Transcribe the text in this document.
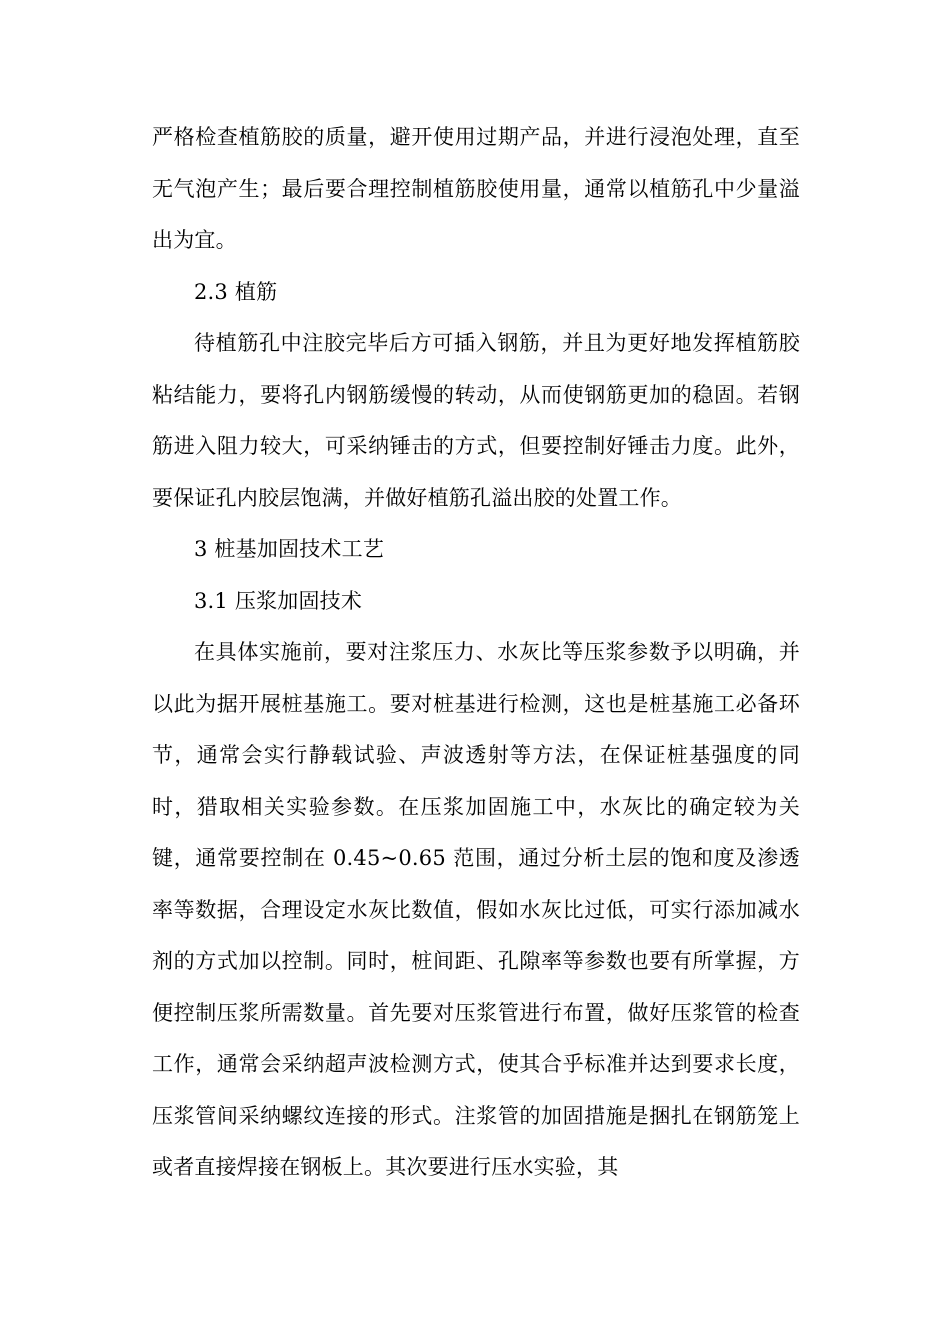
严格检查植筋胶的质量，避开使用过期产品，并进行浸泡处理，直至无气泡产生；最后要合理控制植筋胶使用量，通常以植筋孔中少量溢出为宜。

2.3 植筋

待植筋孔中注胶完毕后方可插入钢筋，并且为更好地发挥植筋胶粘结能力，要将孔内钢筋缓慢的转动，从而使钢筋更加的稳固。若钢筋进入阻力较大，可采纳锤击的方式，但要控制好锤击力度。此外，要保证孔内胶层饱满，并做好植筋孔溢出胶的处置工作。

3 桩基加固技术工艺

3.1 压浆加固技术

在具体实施前，要对注浆压力、水灰比等压浆参数予以明确，并以此为据开展桩基施工。要对桩基进行检测，这也是桩基施工必备环节，通常会实行静载试验、声波透射等方法，在保证桩基强度的同时，猎取相关实验参数。在压浆加固施工中，水灰比的确定较为关键，通常要控制在 0.45~0.65 范围，通过分析土层的饱和度及渗透率等数据，合理设定水灰比数值，假如水灰比过低，可实行添加减水剂的方式加以控制。同时，桩间距、孔隙率等参数也要有所掌握，方便控制压浆所需数量。首先要对压浆管进行布置，做好压浆管的检查工作，通常会采纳超声波检测方式，使其合乎标准并达到要求长度，压浆管间采纳螺纹连接的形式。注浆管的加固措施是捆扎在钢筋笼上或者直接焊接在钢板上。其次要进行压水实验，其
